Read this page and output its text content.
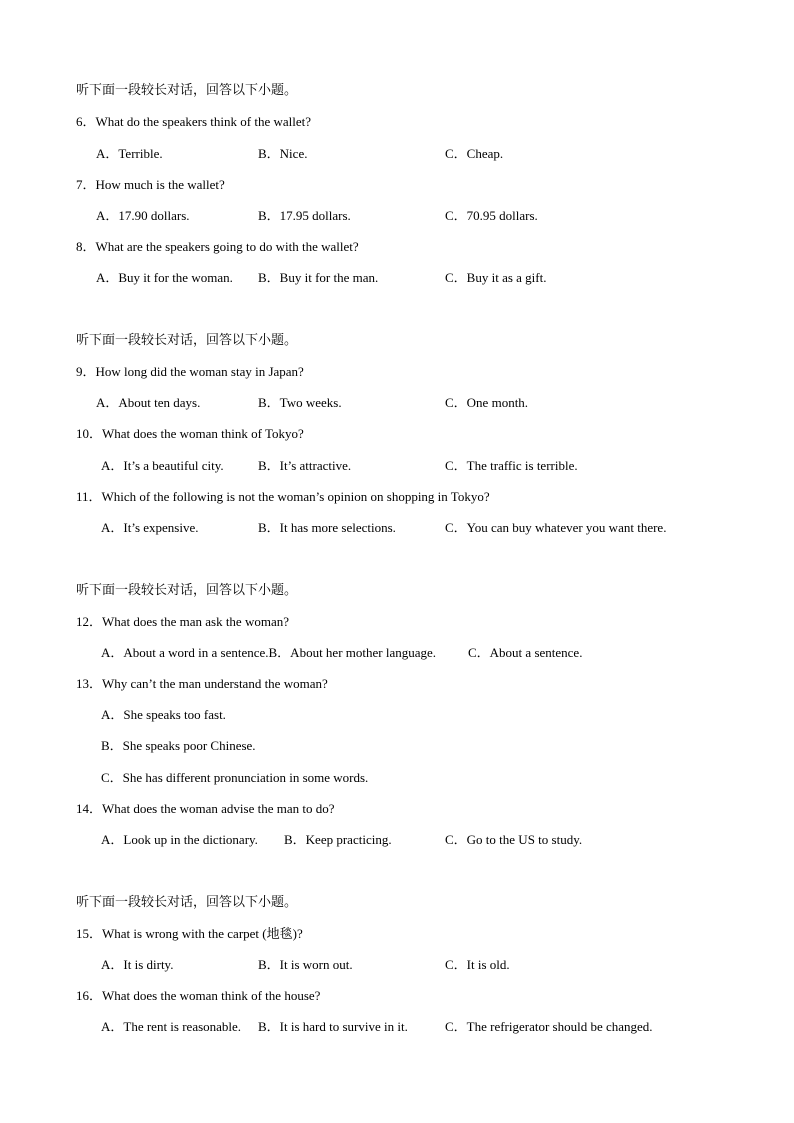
听下面一段较长对话，回答以下小题。
6．What do the speakers think of the wallet?
A．Terrible.	B．Nice.	C．Cheap.
7．How much is the wallet?
A．17.90 dollars.	B．17.95 dollars.	C．70.95 dollars.
8．What are the speakers going to do with the wallet?
A．Buy it for the woman. B．Buy it for the man.	C．Buy it as a gift.
听下面一段较长对话，回答以下小题。
9．How long did the woman stay in Japan?
A．About ten days.	B．Two weeks.	C．One month.
10．What does the woman think of Tokyo?
A．It’s a beautiful city.	B．It’s attractive.	C．The traffic is terrible.
11．Which of the following is not the woman’s opinion on shopping in Tokyo?
A．It’s expensive.	B．It has more selections.	C．You can buy whatever you want there.
听下面一段较长对话，回答以下小题。
12．What does the man ask the woman?
A．About a word in a sentence.B．About her mother language. C．About a sentence.
13．Why can’t the man understand the woman?
A．She speaks too fast.
B．She speaks poor Chinese.
C．She has different pronunciation in some words.
14．What does the woman advise the man to do?
A．Look up in the dictionary. B．Keep practicing.	C．Go to the US to study.
听下面一段较长对话，回答以下小题。
15．What is wrong with the carpet (地毯)?
A．It is dirty.	B．It is worn out.	C．It is old.
16．What does the woman think of the house?
A．The rent is reasonable. B．It is hard to survive in it.	C．The refrigerator should be changed.
